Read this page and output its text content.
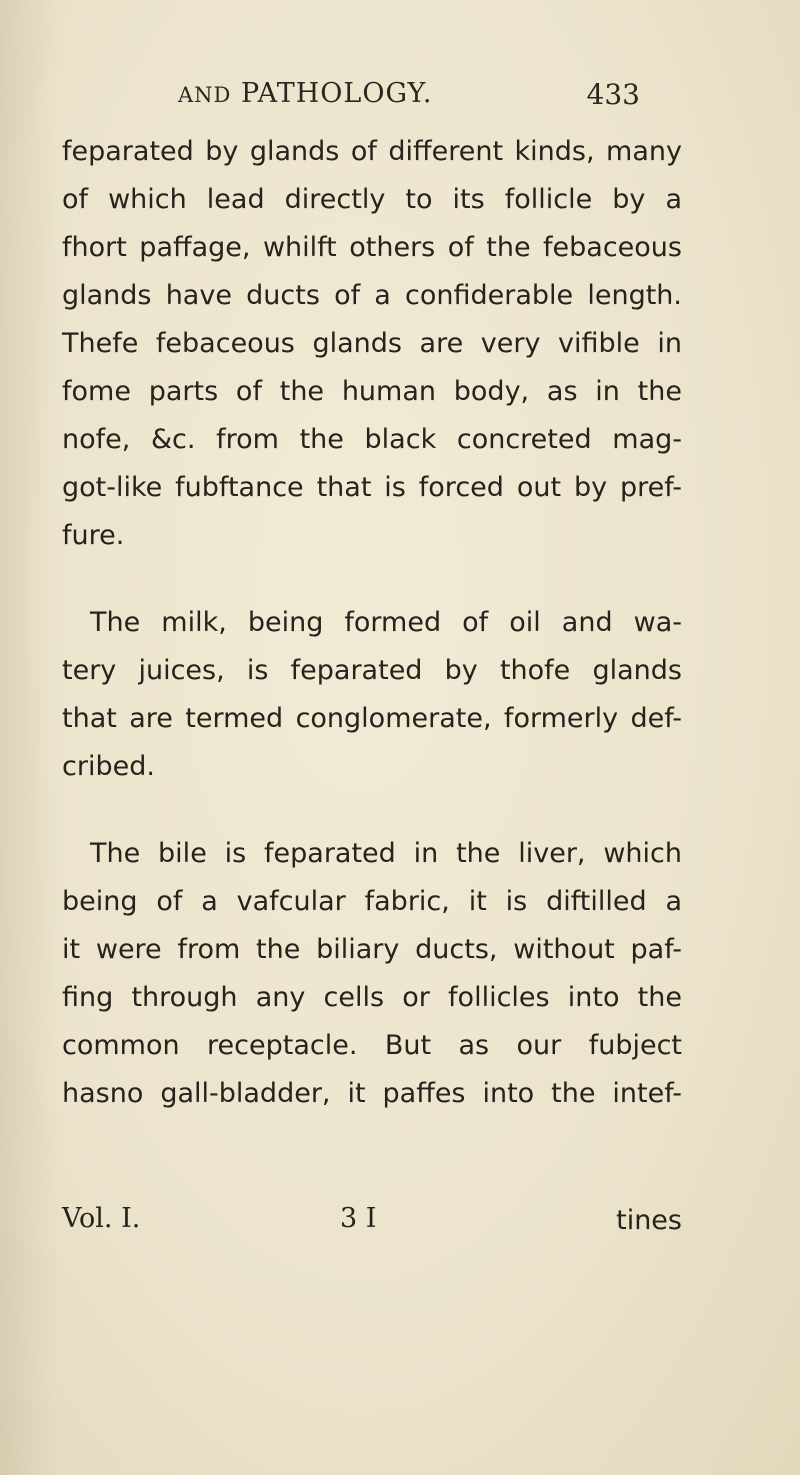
AND PATHOLOGY.	433
feparated by glands of different kinds, many
of which lead directly to its follicle by a
fhort paffage, whilft others of the febaceous
glands have ducts of a confiderable length.
Thefe febaceous glands are very vifible in
fome parts of the human body, as in the
nofe, &c. from the black concreted mag-
got-like fubftance that is forced out by pref-
fure.
The milk, being formed of oil and wa-
tery juices, is feparated by thofe glands
that are termed conglomerate, formerly def-
cribed.
The bile is feparated in the liver, which
being of a vafcular fabric, it is diftilled a
it were from the biliary ducts, without paf-
fing through any cells or follicles into the
common receptacle. But as our fubject
hasno gall-bladder, it paffes into the intef-
Vol. I.	3 I	tines
